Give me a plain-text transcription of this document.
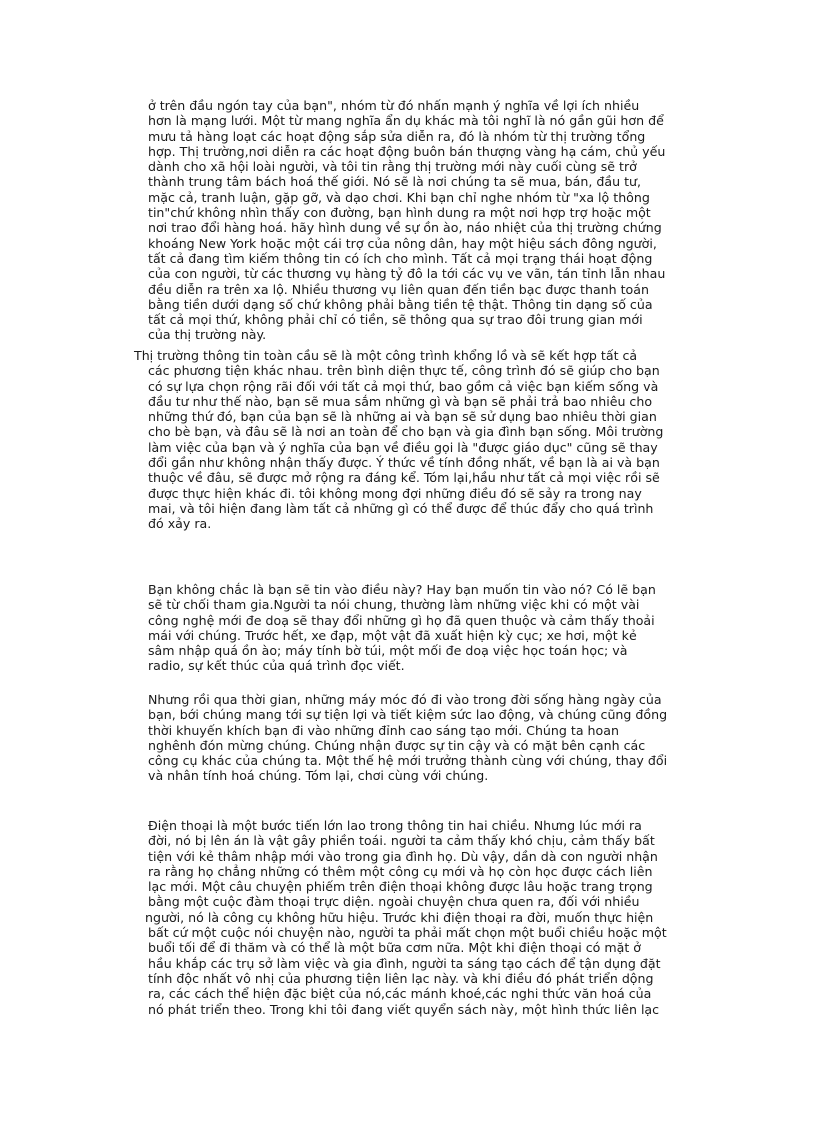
ở trên đầu ngón tay của bạn", nhóm từ đó nhấn mạnh ý nghĩa về lợi ích nhiều
hơn là mạng lưới. Một từ mang nghĩa ẩn dụ khác mà tôi nghĩ là nó gần gũi hơn để
mưu tả hàng loạt các hoạt động sắp sửa diễn ra, đó là nhóm từ thị trường tổng
hợp. Thị trường,nơi diễn ra các hoạt động buôn bán thượng vàng hạ cám, chủ yếu
dành cho xã hội loài người, và tôi tin rằng thị trường mới này cuối cùng sẽ trở
thành trung tâm bách hoá thế giới. Nó sẽ là nơi chúng ta sẽ mua, bán, đầu tư,
mặc cả, tranh luận, gặp gỡ, và dạo chơi. Khi bạn chỉ nghe nhóm từ "xa lộ thông
tin"chứ không nhìn thấy con đường, bạn hình dung ra một nơi hợp trợ hoặc một
nơi trao đổi hàng hoá. hãy hình dung về sự ồn ào, náo nhiệt của thị trường chứng
khoáng New York hoặc một cái trợ của nông dân, hay một hiệu sách đông người,
tất cả đang tìm kiếm thông tin có ích cho mình. Tất cả mọi trạng thái hoạt động
của con người, từ các thương vụ hàng tỷ đô la tới các vụ ve vãn, tán tỉnh lẫn nhau
đều diễn ra trên xa lộ. Nhiều thương vụ liên quan đến tiền bạc được thanh toán
bằng tiền dưới dạng số chứ không phải bằng tiền tệ thật. Thông tin dạng số của
tất cả mọi thứ, không phải chỉ có tiền, sẽ thông qua sự trao đôi trung gian mới
của thị trường này.
Thị trường thông tin toàn cầu sẽ là một công trình khổng lồ và sẽ kết hợp tất cả
các phương tiện khác nhau. trên bình diện thực tế, công trình đó sẽ giúp cho bạn
có sự lựa chọn rộng rãi đối với tất cả mọi thứ, bao gồm cả việc bạn kiếm sống và
đầu tư như thế nào, bạn sẽ mua sắm những gì và bạn sẽ phải trả bao nhiêu cho
những thứ đó, bạn của bạn sẽ là những ai và bạn sẽ sử dụng bao nhiêu thời gian
cho bè bạn, và đâu sẽ là nơi an toàn để cho bạn và gia đình bạn sống. Môi trường
làm việc của bạn và ý nghĩa của bạn về điều gọi là "được giáo dục" cũng sẽ thay
đổi gần như không nhận thấy được. Ý thức về tính đồng nhất, về bạn là ai và bạn
thuộc về đâu, sẽ được mở rộng ra đáng kể. Tóm lại,hầu như tất cả mọi việc rồi sẽ
được thực hiện khác đi. tôi không mong đợi những điều đó sẽ sảy ra trong nay
mai, và tôi hiện đang làm tất cả những gì có thể được để thúc đẩy cho quá trình
đó xảy ra.
Bạn không chắc là bạn sẽ tin vào điều này? Hay bạn muốn tin vào nó? Có lẽ bạn
sẽ từ chối tham gia.Người ta nói chung, thường làm những việc khi có một vài
công nghệ mới đe doạ sẽ thay đổi những gì họ đã quen thuộc và cảm thấy thoải
mái với chúng. Trước hết, xe đạp, một vật đã xuất hiện kỳ cục; xe hơi, một kẻ
sâm nhập quá ồn ào; máy tính bờ túi, một mối đe doạ việc học toán học; và
radio, sự kết thúc của quá trình đọc viết.
Nhưng rồi qua thời gian, những máy móc đó đi vào trong đời sống hàng ngày của
bạn, bới chúng mang tới sự tiện lợi và tiết kiệm sức lao động, và chúng cũng đồng
thời khuyến khích bạn đi vào những đỉnh cao sáng tạo mới. Chúng ta hoan
nghênh đón mừng chúng. Chúng nhận được sự tin cậy và có mặt bên cạnh các
công cụ khác của chúng ta. Một thế hệ mới trưởng thành cùng với chúng, thay đổi
và nhân tính hoá chúng. Tóm lại, chơi cùng với chúng.
Điện thoại là một bước tiến lớn lao trong thông tin hai chiều. Nhưng lúc mới ra
đời, nó bị lên án là vật gây phiền toái. người ta cảm thấy khó chịu, cảm thấy bất
tiện với kẻ thâm nhập mới vào trong gia đình họ. Dù vậy, dần dà con người nhận
ra rằng họ chẳng những có thêm một công cụ mới và họ còn học được cách liên
lạc mới. Một câu chuyện phiếm trên điện thoại không được lâu hoặc trang trọng
bằng một cuộc đàm thoại trực diện. ngoài chuyện chưa quen ra, đối với nhiều
người, nó là công cụ không hữu hiệu. Trước khi điện thoại ra đời, muốn thực hiện
bất cứ một cuộc nói chuyện nào, người ta phải mất chọn một buổi chiều hoặc một
buổi tối để đi thăm và có thể là một bữa cơm nữa. Một khi điện thoại có mặt ở
hầu khắp các trụ sở làm việc và gia đình, người ta sáng tạo cách để tận dụng đặt
tính độc nhất vô nhị của phương tiện liên lạc này. và khi điều đó phát triển dộng
ra, các cách thể hiện đặc biệt của nó,các mánh khoé,các nghi thức văn hoá của
nó phát triển theo. Trong khi tôi đang viết quyển sách này, một hình thức liên lạc
